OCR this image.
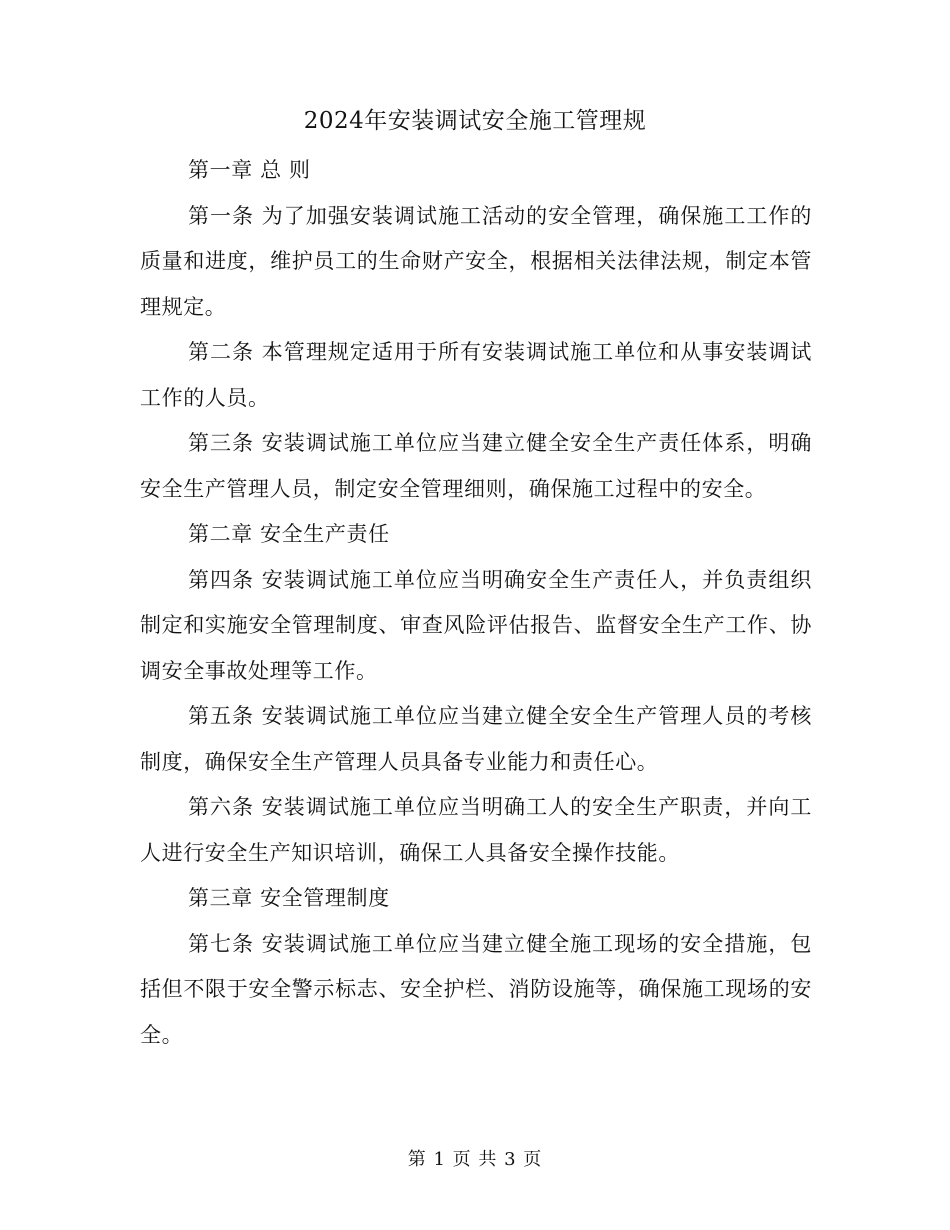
2024年安装调试安全施工管理规

第一章 总 则

第一条 为了加强安装调试施工活动的安全管理，确保施工工作的质量和进度，维护员工的生命财产安全，根据相关法律法规，制定本管理规定。

第二条 本管理规定适用于所有安装调试施工单位和从事安装调试工作的人员。

第三条 安装调试施工单位应当建立健全安全生产责任体系，明确安全生产管理人员，制定安全管理细则，确保施工过程中的安全。

第二章 安全生产责任

第四条 安装调试施工单位应当明确安全生产责任人，并负责组织制定和实施安全管理制度、审查风险评估报告、监督安全生产工作、协调安全事故处理等工作。

第五条 安装调试施工单位应当建立健全安全生产管理人员的考核制度，确保安全生产管理人员具备专业能力和责任心。

第六条 安装调试施工单位应当明确工人的安全生产职责，并向工人进行安全生产知识培训，确保工人具备安全操作技能。

第三章 安全管理制度

第七条 安装调试施工单位应当建立健全施工现场的安全措施，包括但不限于安全警示标志、安全护栏、消防设施等，确保施工现场的安全。

第 1 页 共 3 页
